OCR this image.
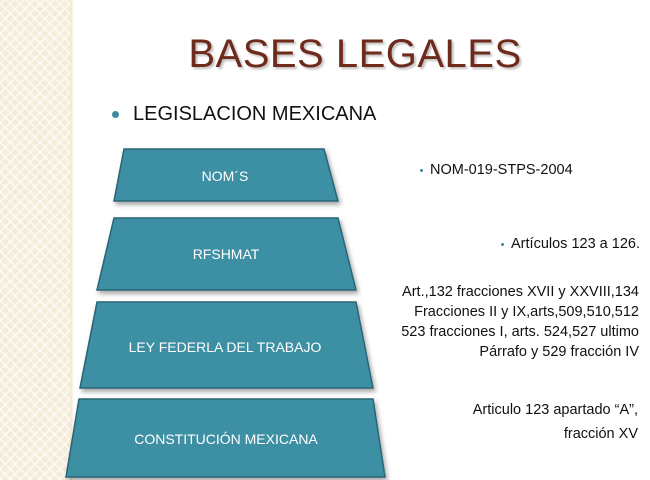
BASES LEGALES
LEGISLACION MEXICANA
NOM´S
RFSHMAT
LEY FEDERLA DEL TRABAJO
CONSTITUCIÓN MEXICANA
NOM-019-STPS-2004
Artículos 123 a 126.
Art.,132 fracciones XVII y XXVIII,134
Fracciones II y IX,arts,509,510,512
523 fracciones I, arts. 524,527 ultimo
Párrafo y 529 fracción IV
Articulo 123 apartado “A”,
fracción XV
